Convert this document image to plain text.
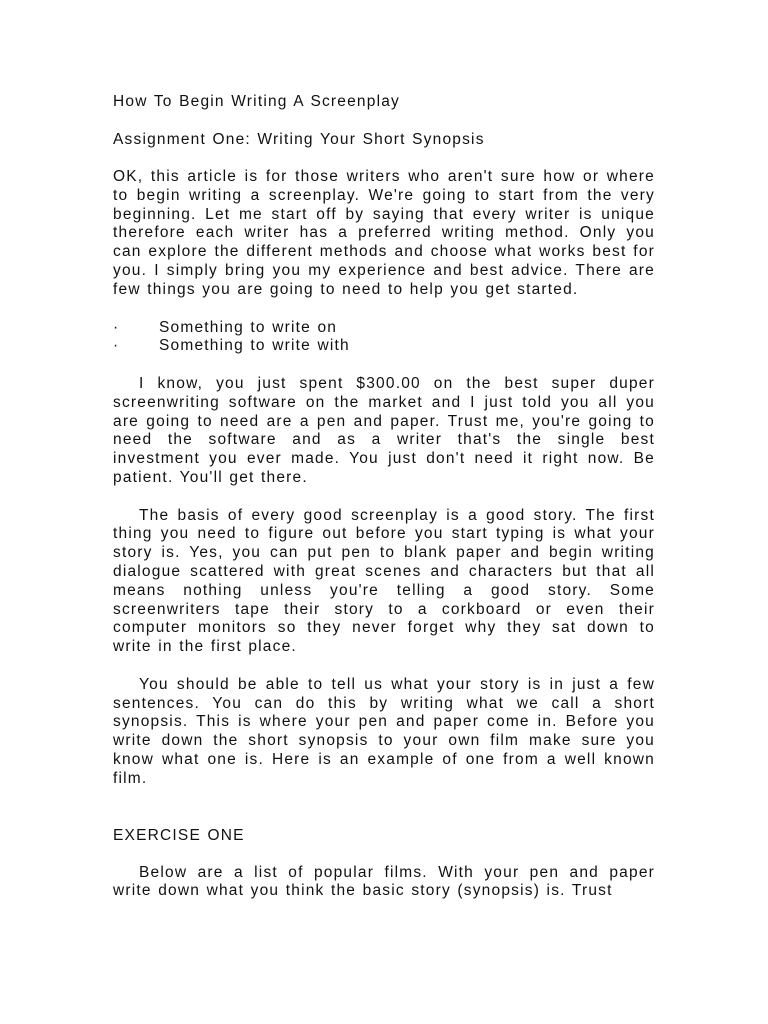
How To Begin Writing A Screenplay
Assignment One: Writing Your Short Synopsis

OK, this article is for those writers who aren't sure how or where to begin writing a screenplay. We're going to start from the very beginning. Let me start off by saying that every writer is unique therefore each writer has a preferred writing method. Only you can explore the different methods and choose what works best for you. I simply bring you my experience and best advice. There are few things you are going to need to help you get started.

·	Something to write on
·	Something to write with

I know, you just spent $300.00 on the best super duper screenwriting software on the market and I just told you all you are going to need are a pen and paper. Trust me, you're going to need the software and as a writer that's the single best investment you ever made. You just don't need it right now. Be patient. You'll get there.

The basis of every good screenplay is a good story. The first thing you need to figure out before you start typing is what your story is. Yes, you can put pen to blank paper and begin writing dialogue scattered with great scenes and characters but that all means nothing unless you're telling a good story. Some screenwriters tape their story to a corkboard or even their computer monitors so they never forget why they sat down to write in the first place.

You should be able to tell us what your story is in just a few sentences. You can do this by writing what we call a short synopsis. This is where your pen and paper come in. Before you write down the short synopsis to your own film make sure you know what one is. Here is an example of one from a well known film.

EXERCISE ONE

Below are a list of popular films. With your pen and paper write down what you think the basic story (synopsis) is. Trust
